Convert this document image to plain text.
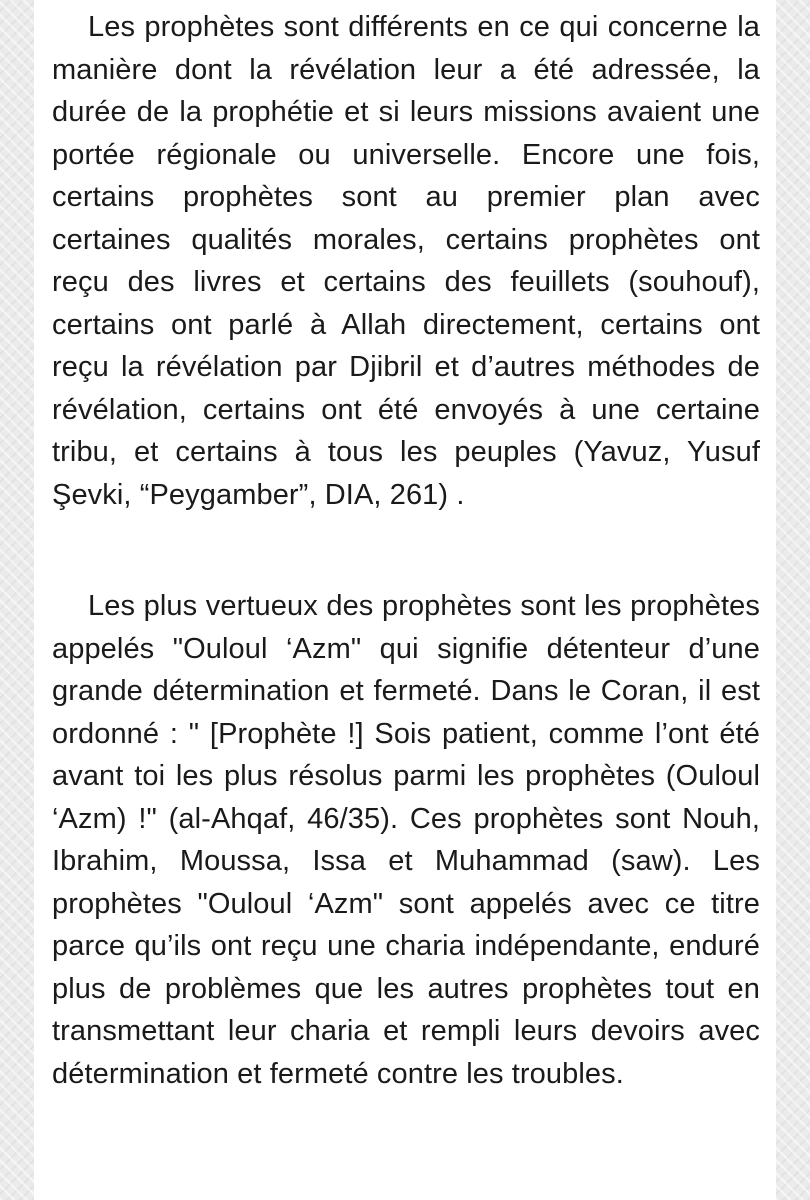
Les prophètes sont différents en ce qui concerne la manière dont la révélation leur a été adressée, la durée de la prophétie et si leurs missions avaient une portée régionale ou universelle. Encore une fois, certains prophètes sont au premier plan avec certaines qualités morales, certains prophètes ont reçu des livres et certains des feuillets (souhouf), certains ont parlé à Allah directement, certains ont reçu la révélation par Djibril et d’autres méthodes de révélation, certains ont été envoyés à une certaine tribu, et certains à tous les peuples (Yavuz, Yusuf Şevki, “Peygamber”, DIA, 261) .

Les plus vertueux des prophètes sont les prophètes appelés "Ouloul ‘Azm" qui signifie détenteur d’une grande détermination et fermeté. Dans le Coran, il est ordonné : " [Prophète !] Sois patient, comme l’ont été avant toi les plus résolus parmi les prophètes (Ouloul ‘Azm) !" (al-Ahqaf, 46/35). Ces prophètes sont Nouh, Ibrahim, Moussa, Issa et Muhammad (saw). Les prophètes "Ouloul ‘Azm" sont appelés avec ce titre parce qu’ils ont reçu une charia indépendante, enduré plus de problèmes que les autres prophètes tout en transmettant leur charia et rempli leurs devoirs avec détermination et fermeté contre les troubles.
